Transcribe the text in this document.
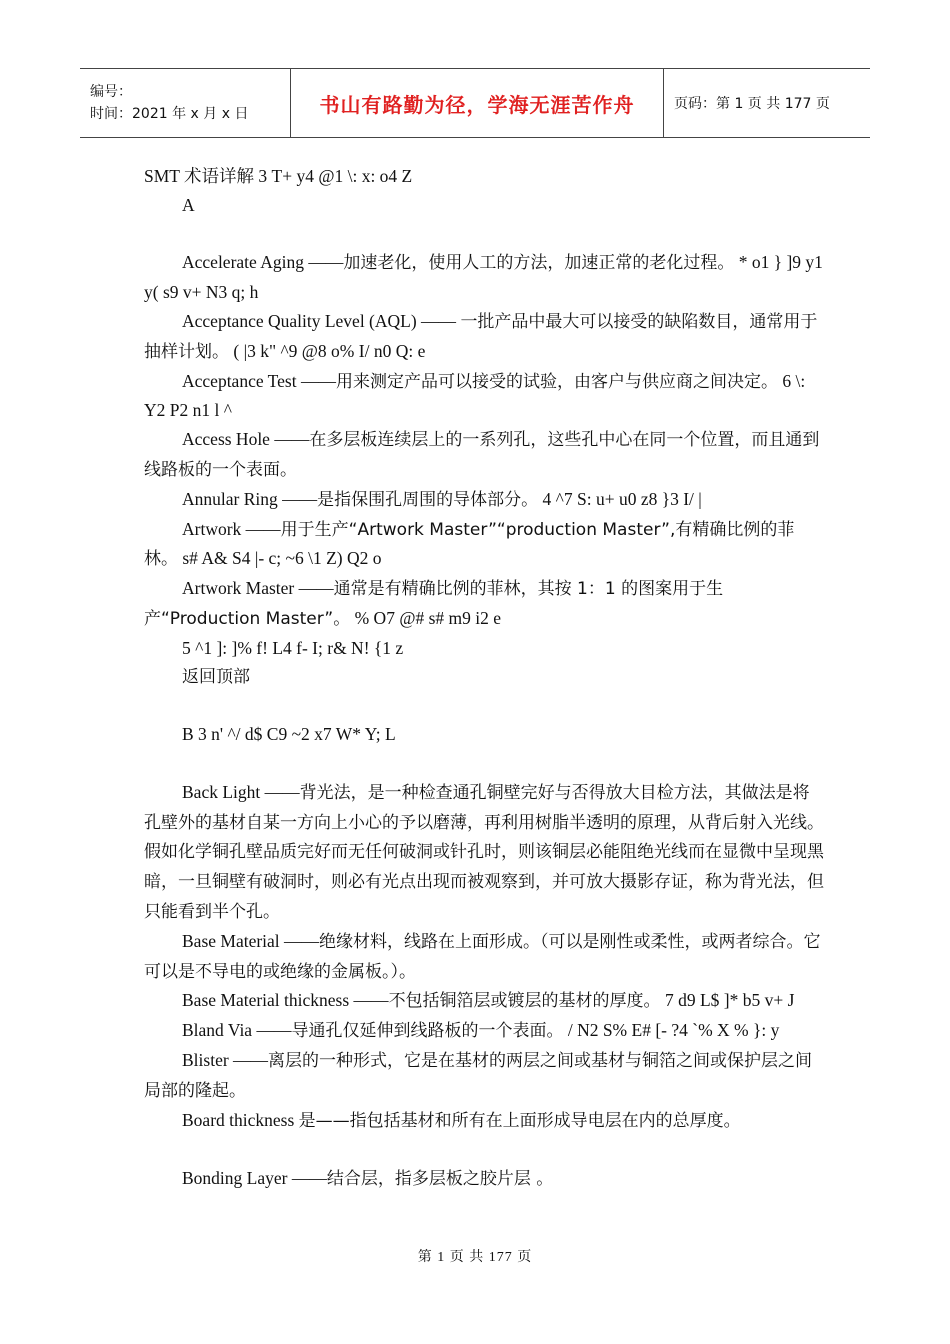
编号：
时间：2021 年 x 月 x 日	书山有路勤为径，学海无涯苦作舟	页码：第 1 页 共 177 页

SMT 术语详解 3 T+ y4 @1 \: x: o4 Z

A

Accelerate Aging ——加速老化，使用人工的方法，加速正常的老化过程。 * o1 } ]9 y1 y( s9 v+ N3 q; h

Acceptance Quality Level (AQL) —— 一批产品中最大可以接受的缺陷数目，通常用于抽样计划。 ( |3 k" ^9 @8 o% I/ n0 Q: e

Acceptance Test ——用来测定产品可以接受的试验，由客户与供应商之间决定。 6 \: Y2 P2 n1 l ^

Access Hole ——在多层板连续层上的一系列孔，这些孔中心在同一个位置，而且通到线路板的一个表面。

Annular Ring ——是指保围孔周围的导体部分。 4 ^7 S: u+ u0 z8 }3 I/ |

Artwork ——用于生产“Artwork Master”“production Master”,有精确比例的菲林。 s# A& S4 |- c; ~6 \1 Z) Q2 o

Artwork Master ——通常是有精确比例的菲林，其按 1：1 的图案用于生产“Production Master”。 % O7 @# s# m9 i2 e

5 ^1 ]: ]% f! L4 f- I; r& N! {1 z

返回顶部

B 3 n' ^/ d$ C9 ~2 x7 W* Y; L

Back Light ——背光法，是一种检查通孔铜壁完好与否得放大目检方法，其做法是将孔壁外的基材自某一方向上小心的予以磨薄，再利用树脂半透明的原理，从背后射入光线。假如化学铜孔壁品质完好而无任何破洞或针孔时，则该铜层必能阻绝光线而在显微中呈现黑暗，一旦铜壁有破洞时，则必有光点出现而被观察到，并可放大摄影存证，称为背光法，但只能看到半个孔。

Base Material ——绝缘材料，线路在上面形成。（可以是刚性或柔性，或两者综合。它可以是不导电的或绝缘的金属板。）。

Base Material thickness ——不包括铜箔层或镀层的基材的厚度。 7 d9 L$ ]* b5 v+ J

Bland Via ——导通孔仅延伸到线路板的一个表面。 / N2 S% E# [- ?4 `% X % }: y

Blister ——离层的一种形式，它是在基材的两层之间或基材与铜箔之间或保护层之间局部的隆起。

Board thickness 是——指包括基材和所有在上面形成导电层在内的总厚度。

Bonding Layer ——结合层，指多层板之胶片层 。

第 1 页 共 177 页
